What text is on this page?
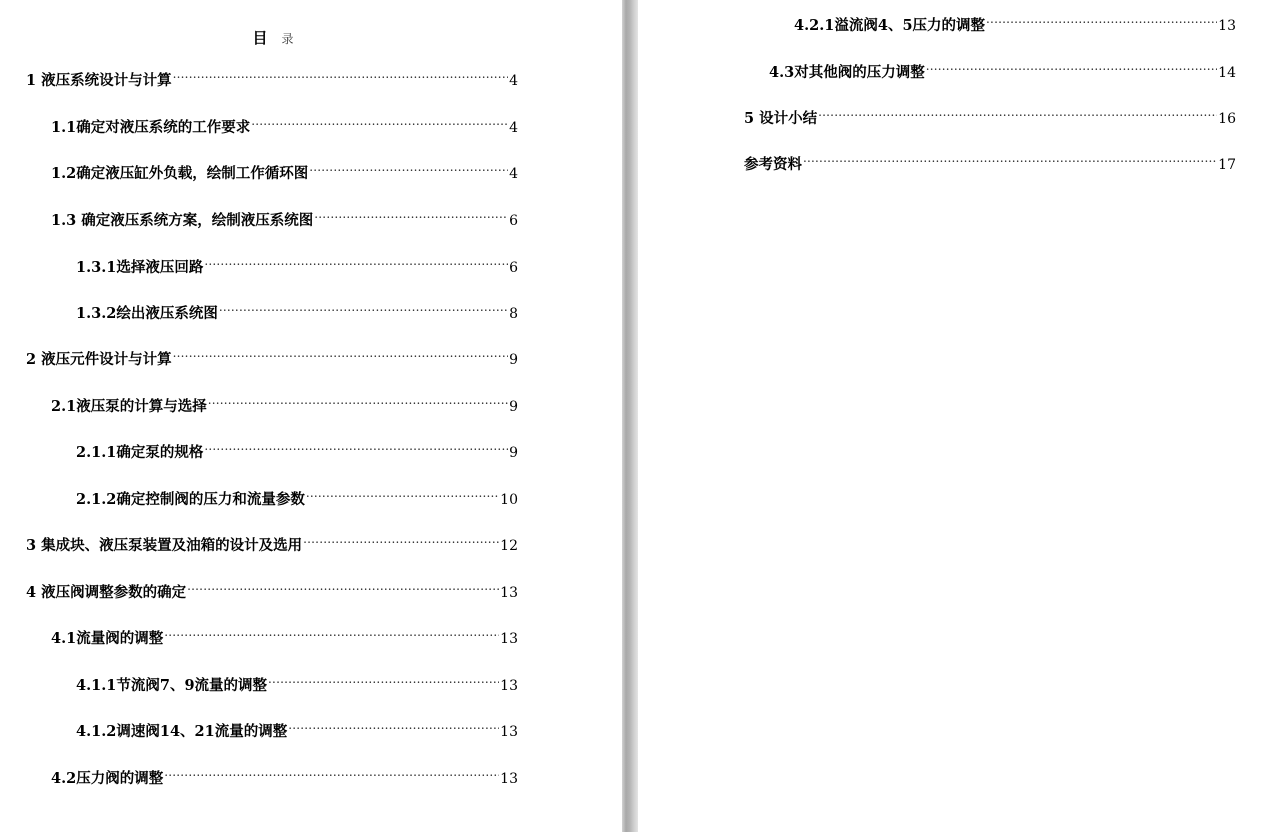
目 录
1 液压系统设计与计算 .....	4
1.1确定对液压系统的工作要求 .....	4
1.2确定液压缸外负载，绘制工作循环图 .....	4
1.3 确定液压系统方案，绘制液压系统图 .....	6
1.3.1选择液压回路 .....	6
1.3.2绘出液压系统图 .....	8
2 液压元件设计与计算 .....	9
2.1液压泵的计算与选择 .....	9
2.1.1确定泵的规格 .....	9
2.1.2确定控制阀的压力和流量参数 .....	10
3 集成块、液压泵装置及油箱的设计及选用 .....	12
4 液压阀调整参数的确定 .....	13
4.1流量阀的调整 .....	13
4.1.1节流阀7、9流量的调整 .....	13
4.1.2调速阀14、21流量的调整 .....	13
4.2压力阀的调整 .....	13
4.2.1溢流阀4、5压力的调整 .....	13
4.3对其他阀的压力调整 .....	14
5 设计小结 .....	16
参考资料 .....	17
